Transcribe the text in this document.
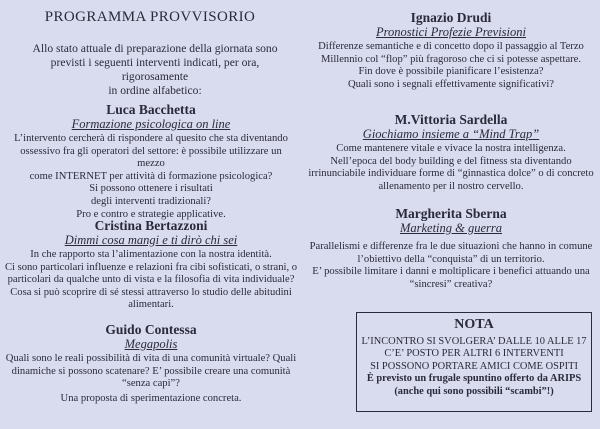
PROGRAMMA PROVVISORIO
Allo stato attuale di preparazione della giornata sono
previsti i seguenti interventi indicati, per ora, rigorosamente
in ordine alfabetico:
Luca Bacchetta
Formazione psicologica on line
L’intervento cercherà di rispondere al quesito che sta diventando
ossessivo fra gli operatori del settore: è possibile utilizzare un mezzo
come INTERNET per attività di formazione psicologica?
Si possono ottenere i risultati
degli interventi tradizionali?
Pro e contro e strategie applicative.
Cristina Bertazzoni
Dimmi cosa mangi e ti dirò chi sei
In che rapporto sta l’alimentazione con la nostra identità.
Ci sono particolari influenze e relazioni fra cibi sofisticati, o strani, o
particolari da qualche unto di vista e la filosofia di vita individuale?
Cosa si può scoprire di sé stessi attraverso lo studio delle abitudini
alimentari.
Guido Contessa
Megapolis
Quali sono le reali possibilità di vita di una comunità virtuale? Quali
dinamiche si possono scatenare? E’ possibile creare una comunità
“senza capi”?
Una proposta di sperimentazione concreta.
Ignazio Drudi
Pronostici Profezie Previsioni
Differenze semantiche e di concetto dopo il passaggio al Terzo
Millennio col “flop” più fragoroso che ci si potesse aspettare.
Fin dove è possibile pianificare l’esistenza?
Quali sono i segnali effettivamente significativi?
M.Vittoria Sardella
Giochiamo insieme a “Mind Trap”
Come mantenere vitale e vivace la nostra intelligenza.
Nell’epoca del body building e del fitness sta diventando
irrinunciabile individuare forme di “ginnastica dolce” o di concreto
allenamento per il nostro cervello.
Margherita Sberna
Marketing & guerra
Parallelismi e differenze fra le due situazioni che hanno in comune
l’obiettivo della “conquista” di un territorio.
E’ possibile limitare i danni e moltiplicare i benefici attuando una
“sincresi” creativa?
NOTA
L’INCONTRO SI SVOLGERA’ DALLE 10 ALLE 17
C’E’ POSTO PER ALTRI 6 INTERVENTI
SI POSSONO PORTARE AMICI COME OSPITI
È previsto un frugale spuntino offerto da ARIPS
(anche qui sono possibili “scambi”!)
